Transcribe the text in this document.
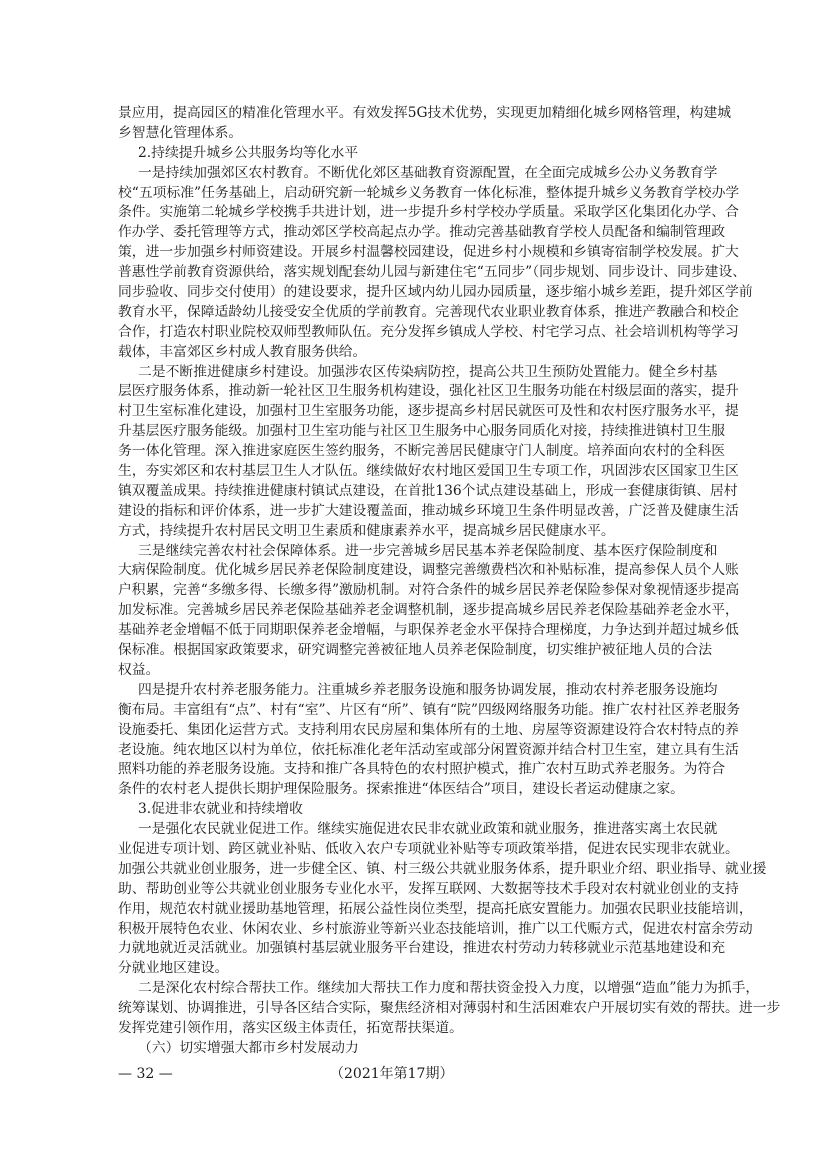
景应用，提高园区的精准化管理水平。有效发挥5G技术优势，实现更加精细化城乡网格管理，构建城
乡智慧化管理体系。
2.持续提升城乡公共服务均等化水平
一是持续加强郊区农村教育。不断优化郊区基础教育资源配置，在全面完成城乡公办义务教育学
校“五项标准”任务基础上，启动研究新一轮城乡义务教育一体化标准，整体提升城乡义务教育学校办学
条件。实施第二轮城乡学校携手共进计划，进一步提升乡村学校办学质量。采取学区化集团化办学、合
作办学、委托管理等方式，推动郊区学校高起点办学。推动完善基础教育学校人员配备和编制管理政
策，进一步加强乡村师资建设。开展乡村温馨校园建设，促进乡村小规模和乡镇寄宿制学校发展。扩大
普惠性学前教育资源供给，落实规划配套幼儿园与新建住宅“五同步”（同步规划、同步设计、同步建设、
同步验收、同步交付使用）的建设要求，提升区域内幼儿园办园质量，逐步缩小城乡差距，提升郊区学前
教育水平，保障适龄幼儿接受安全优质的学前教育。完善现代农业职业教育体系，推进产教融合和校企
合作，打造农村职业院校双师型教师队伍。充分发挥乡镇成人学校、村宅学习点、社会培训机构等学习
载体，丰富郊区乡村成人教育服务供给。
二是不断推进健康乡村建设。加强涉农区传染病防控，提高公共卫生预防处置能力。健全乡村基
层医疗服务体系，推动新一轮社区卫生服务机构建设，强化社区卫生服务功能在村级层面的落实，提升
村卫生室标准化建设，加强村卫生室服务功能，逐步提高乡村居民就医可及性和农村医疗服务水平，提
升基层医疗服务能级。加强村卫生室功能与社区卫生服务中心服务同质化对接，持续推进镇村卫生服
务一体化管理。深入推进家庭医生签约服务，不断完善居民健康守门人制度。培养面向农村的全科医
生，夯实郊区和农村基层卫生人才队伍。继续做好农村地区爱国卫生专项工作，巩固涉农区国家卫生区
镇双覆盖成果。持续推进健康村镇试点建设，在首批136个试点建设基础上，形成一套健康街镇、居村
建设的指标和评价体系，进一步扩大建设覆盖面，推动城乡环境卫生条件明显改善，广泛普及健康生活
方式，持续提升农村居民文明卫生素质和健康素养水平，提高城乡居民健康水平。
三是继续完善农村社会保障体系。进一步完善城乡居民基本养老保险制度、基本医疗保险制度和
大病保险制度。优化城乡居民养老保险制度建设，调整完善缴费档次和补贴标准，提高参保人员个人账
户积累，完善“多缴多得、长缴多得”激励机制。对符合条件的城乡居民养老保险参保对象视情逐步提高
加发标准。完善城乡居民养老保险基础养老金调整机制，逐步提高城乡居民养老保险基础养老金水平，
基础养老金增幅不低于同期职保养老金增幅，与职保养老金水平保持合理梯度，力争达到并超过城乡低
保标准。根据国家政策要求，研究调整完善被征地人员养老保险制度，切实维护被征地人员的合法
权益。
四是提升农村养老服务能力。注重城乡养老服务设施和服务协调发展，推动农村养老服务设施均
衡布局。丰富组有“点”、村有“室”、片区有“所”、镇有“院”四级网络服务功能。推广农村社区养老服务
设施委托、集团化运营方式。支持利用农民房屋和集体所有的土地、房屋等资源建设符合农村特点的养
老设施。纯农地区以村为单位，依托标准化老年活动室或部分闲置资源并结合村卫生室，建立具有生活
照料功能的养老服务设施。支持和推广各具特色的农村照护模式，推广农村互助式养老服务。为符合
条件的农村老人提供长期护理保险服务。探索推进“体医结合”项目，建设长者运动健康之家。
3.促进非农就业和持续增收
一是强化农民就业促进工作。继续实施促进农民非农就业政策和就业服务，推进落实离土农民就
业促进专项计划、跨区就业补贴、低收入农户专项就业补贴等专项政策举措，促进农民实现非农就业。
加强公共就业创业服务，进一步健全区、镇、村三级公共就业服务体系，提升职业介绍、职业指导、就业援
助、帮助创业等公共就业创业服务专业化水平，发挥互联网、大数据等技术手段对农村就业创业的支持
作用，规范农村就业援助基地管理，拓展公益性岗位类型，提高托底安置能力。加强农民职业技能培训，
积极开展特色农业、休闲农业、乡村旅游业等新兴业态技能培训，推广以工代赈方式，促进农村富余劳动
力就地就近灵活就业。加强镇村基层就业服务平台建设，推进农村劳动力转移就业示范基地建设和充
分就业地区建设。
二是深化农村综合帮扶工作。继续加大帮扶工作力度和帮扶资金投入力度，以增强“造血”能力为抓手，
统筹谋划、协调推进，引导各区结合实际，聚焦经济相对薄弱村和生活困难农户开展切实有效的帮扶。进一步
发挥党建引领作用，落实区级主体责任，拓宽帮扶渠道。
（六）切实增强大都市乡村发展动力
— 32 —	（2021年第17期）
